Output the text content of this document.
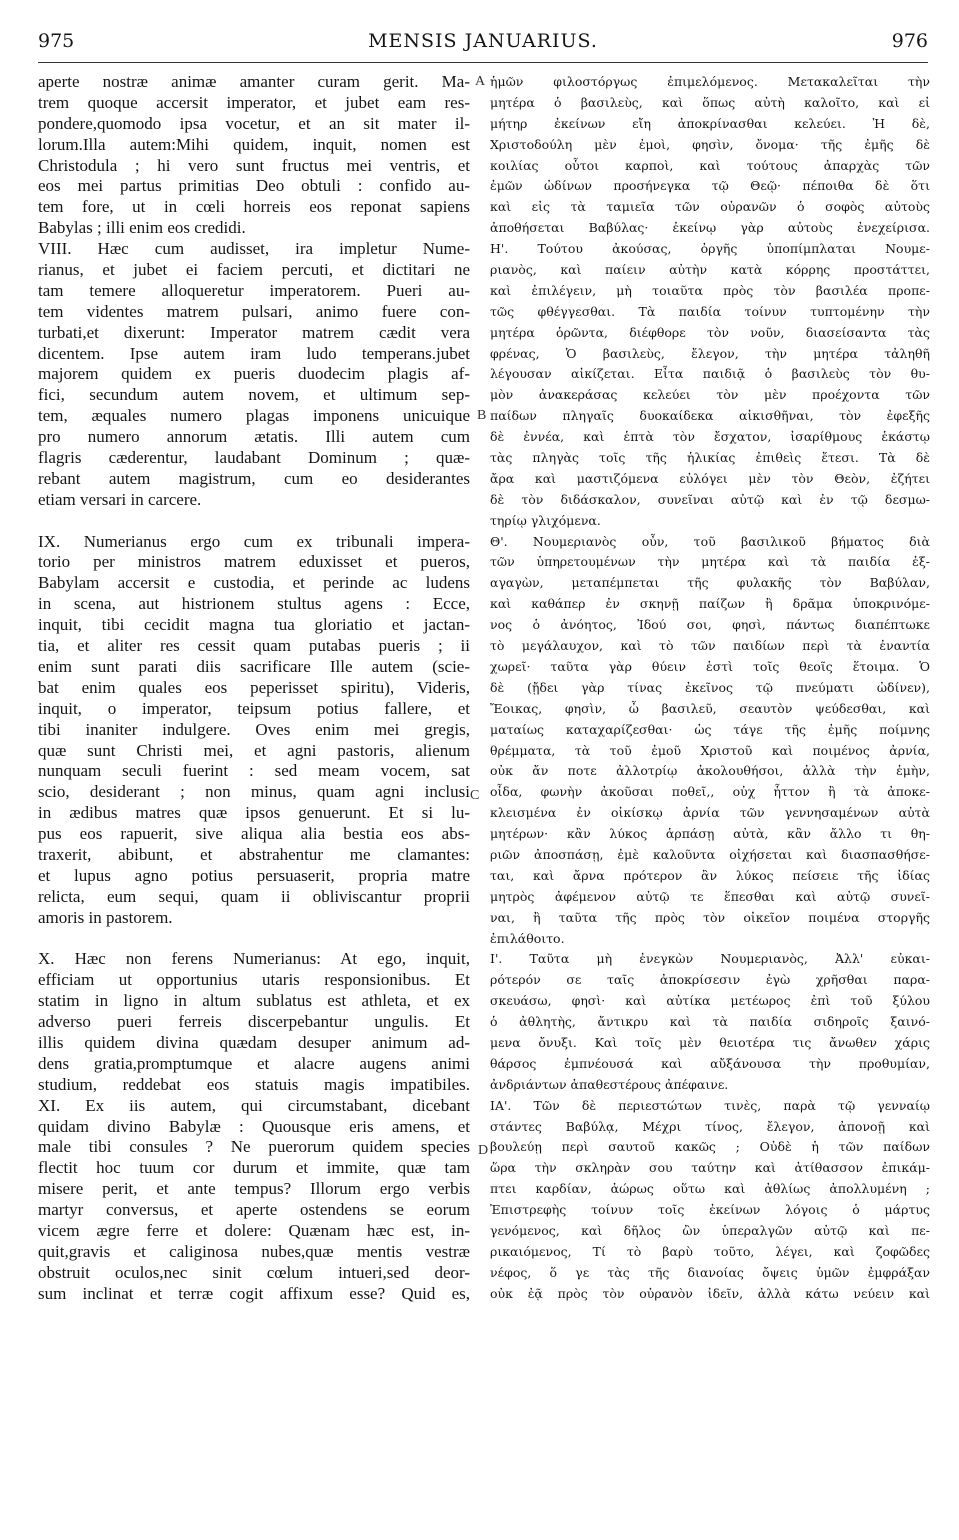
MENSIS JANUARIUS.
975	976
aperte nostræ animæ amanter curam gerit. Ma-
trem quoque accersit imperator, et jubet eam res-
pondere,quomodo ipsa vocetur, et an sit mater il-
lorum.Illa autem:Mihi quidem, inquit, nomen est
Christodula ; hi vero sunt fructus mei ventris, et
eos mei partus primitias Deo obtuli : confido au-
tem fore, ut in cœli horreis eos reponat sapiens
Babylas ; illi enim eos credidi.
VIII. Hæc cum audisset, ira impletur Nume-
rianus, et jubet ei faciem percuti, et dictitari ne
tam temere alloqueretur imperatorem. Pueri au-
tem videntes matrem pulsari, animo fuere con-
turbati,et dixerunt: Imperator matrem cædit vera
dicentem. Ipse autem iram ludo temperans.jubet
majorem quidem ex pueris duodecim plagis af-
fici, secundum autem novem, et ultimum sep-
tem, æquales numero plagas imponens unicuique
pro numero annorum ætatis. Illi autem cum
flagris cæderentur, laudabant Dominum ; quæ-
rebant autem magistrum, cum eo desiderantes
etiam versari in carcere.
IX. Numerianus ergo cum ex tribunali impera-
torio per ministros matrem eduxisset et pueros,
Babylam accersit e custodia, et perinde ac ludens
in scena, aut histrionem stultus agens : Ecce,
inquit, tibi cecidit magna tua gloriatio et jactan-
tia, et aliter res cessit quam putabas pueris ; ii
enim sunt parati diis sacrificare Ille autem (scie-
bat enim quales eos peperisset spiritu), Videris,
inquit, o imperator, teipsum potius fallere, et
tibi inaniter indulgere. Oves enim mei gregis,
quæ sunt Christi mei, et agni pastoris, alienum
nunquam seculi fuerint : sed meam vocem, sat
scio, desiderant ; non minus, quam agni inclusi
in ædibus matres quæ ipsos genuerunt. Et si lu-
pus eos rapuerit, sive aliqua alia bestia eos abs-
traxerit, abibunt, et abstrahentur me clamantes:
et lupus agno potius persuaserit, propria matre
relicta, eum sequi, quam ii obliviscantur proprii
amoris in pastorem.
X. Hæc non ferens Numerianus: At ego, inquit,
efficiam ut opportunius utaris responsionibus. Et
statim in ligno in altum sublatus est athleta, et ex
adverso pueri ferreis discerpebantur ungulis. Et
illis quidem divina quædam desuper animum ad-
dens gratia,promptumque et alacre augens animi
studium, reddebat eos statuis magis impatibiles.
XI. Ex iis autem, qui circumstabant, dicebant
quidam divino Babylæ : Quousque eris amens, et
male tibi consules ? Ne puerorum quidem species
flectit hoc tuum cor durum et immite, quæ tam
misere perit, et ante tempus? Illorum ergo verbis
martyr conversus, et aperte ostendens se eorum
vicem ægre ferre et dolere: Quænam hæc est, in-
quit,gravis et caliginosa nubes,quæ mentis vestræ
obstruit oculos,nec sinit cœlum intueri,sed deor-
sum inclinat et terræ cogit affixum esse? Quid es,
ἡμῶν φιλοστόργως ἐπιμελόμενος. Μετακαλεῖται τὴν
μητέρα ὁ βασιλεὺς, καὶ ὅπως αὐτὴ καλοῖτο, καὶ εἰ
μήτηρ ἐκείνων εἴη ἀποκρίνασθαι κελεύει. Ἡ δὲ,
Χριστοδούλη μὲν ἐμοὶ, φησὶν, ὄνομα· τῆς ἐμῆς δὲ
κοιλίας οὗτοι καρποὶ, καὶ τούτους ἀπαρχὰς τῶν
ἐμῶν ὠδίνων προσήνεγκα τῷ Θεῷ· πέποιθα δὲ ὅτι
καὶ εἰς τὰ ταμιεῖα τῶν οὐρανῶν ὁ σοφὸς αὐτοὺς
ἀποθήσεται Βαβύλας· ἐκείνῳ γὰρ αὐτοὺς ἐνεχείρισα.
Η'. Τούτου ἀκούσας, ὀργῆς ὑποπίμπλαται Νουμε-
ριανὸς, καὶ παίειν αὐτὴν κατὰ κόρρης προστάττει,
καὶ ἐπιλέγειν, μὴ τοιαῦτα πρὸς τὸν βασιλέα προπε-
τῶς φθέγγεσθαι. Τὰ παιδία τοίνυν τυπτομένην τὴν
μητέρα ὁρῶντα, διέφθορε τὸν νοῦν, διασείσαντα τὰς
φρένας, Ὁ βασιλεὺς, ἔλεγον, τὴν μητέρα τἀληθῆ
λέγουσαν αἰκίζεται. Εἶτα παιδιᾷ ὁ βασιλεὺς τὸν θυ-
μὸν ἀνακεράσας κελεύει τὸν μὲν προέχοντα τῶν
παίδων πληγαῖς δυοκαίδεκα αἰκισθῆναι, τὸν ἐφεξῆς
δὲ ἐννέα, καὶ ἑπτὰ τὸν ἔσχατον, ἰσαρίθμους ἑκάστῳ
τὰς πληγὰς τοῖς τῆς ἡλικίας ἐπιθεὶς ἔτεσι. Τὰ δὲ
ἄρα καὶ μαστιζόμενα εὐλόγει μὲν τὸν Θεὸν, ἐζήτει
δὲ τὸν διδάσκαλον, συνεῖναι αὐτῷ καὶ ἐν τῷ δεσμω-
τηρίῳ γλιχόμενα.
Θ'. Νουμεριανὸς οὖν, τοῦ βασιλικοῦ βήματος διὰ
τῶν ὑπηρετουμένων τὴν μητέρα καὶ τὰ παιδία ἐξ-
αγαγὼν, μεταπέμπεται τῆς φυλακῆς τὸν Βαβύλαν,
καὶ καθάπερ ἐν σκηνῇ παίζων ἢ δρᾶμα ὑποκρινόμε-
νος ὁ ἀνόητος, Ἰδού σοι, φησὶ, πάντως διαπέπτωκε
τὸ μεγάλαυχον, καὶ τὸ τῶν παιδίων περὶ τὰ ἐναντία
χωρεῖ· ταῦτα γὰρ θύειν ἑστὶ τοῖς θεοῖς ἕτοιμα. Ὁ
δὲ (ᾔδει γὰρ τίνας ἐκεῖνος τῷ πνεύματι ὠδίνεν),
Ἔοικας, φησὶν, ὦ βασιλεῦ, σεαυτὸν ψεύδεσθαι, καὶ
ματαίως καταχαρίζεσθαι· ὡς τάγε τῆς ἐμῆς ποίμνης
θρέμματα, τὰ τοῦ ἐμοῦ Χριστοῦ καὶ ποιμένος ἀρνία,
οὐκ ἄν ποτε ἀλλοτρίῳ ἀκολουθήσοι, ἀλλὰ τὴν ἐμὴν,
οἶδα, φωνὴν ἀκοῦσαι ποθεῖ,, οὐχ ἧττον ἢ τὰ ἀποκε-
κλεισμένα ἐν οἰκίσκῳ ἀρνία τῶν γεννησαμένων αὐτὰ
μητέρων· κἂν λύκος ἁρπάσῃ αὐτὰ, κἂν ἄλλο τι θη-
ριῶν ἀποσπάσῃ, ἐμὲ καλοῦντα οἰχήσεται καὶ διασπασθήσε-
ται, καὶ ἄρνα πρότερον ἂν λύκος πείσειε τῆς ἰδίας
μητρὸς ἀφέμενον αὐτῷ τε ἕπεσθαι καὶ αὐτῷ συνεῖ-
ναι, ἢ ταῦτα τῆς πρὸς τὸν οἰκεῖον ποιμένα στοργῆς
ἐπιλάθοιτο.
Ι'. Ταῦτα μὴ ἐνεγκὼν Νουμεριανὸς, Ἀλλ' εὐκαι-
ρότερόν σε ταῖς ἀποκρίσεσιν ἐγὼ χρῆσθαι παρα-
σκευάσω, φησὶ· καὶ αὐτίκα μετέωρος ἐπὶ τοῦ ξύλου
ὁ ἀθλητὴς, ἄντικρυ καὶ τὰ παιδία σιδηροῖς ξαινό-
μενα ὄνυξι. Καὶ τοῖς μὲν θειοτέρα τις ἄνωθεν χάρις
θάρσος ἐμπνέουσά καὶ αὔξάνουσα τὴν προθυμίαν,
ἀνδριάντων ἀπαθεστέρους ἀπέφαινε.
ΙΑ'. Τῶν δὲ περιεστώτων τινὲς, παρὰ τῷ γενναίῳ
στάντες Βαβύλᾳ, Μέχρι τίνος, ἔλεγον, ἀπονοῇ καὶ
βουλεύῃ περὶ σαυτοῦ κακῶς ; Οὐδὲ ἡ τῶν παίδων
ὥρα τὴν σκληρὰν σου ταύτην καὶ ἀτίθασσον ἐπικάμ-
πτει καρδίαν, ἀώρως οὕτω καὶ ἀθλίως ἀπολλυμένη ;
Ἐπιστρεφὴς τοίνυν τοῖς ἐκείνων λόγοις ὁ μάρτυς
γενόμενος, καὶ δῆλος ὢν ὑπεραλγῶν αὐτῷ καὶ πε-
ρικαιόμενος, Τί τὸ βαρὺ τοῦτο, λέγει, καὶ ζοφῶδες
νέφος, ὅ γε τὰς τῆς διανοίας ὄψεις ὑμῶν ἐμφράξαν
οὐκ ἐᾷ πρὸς τὸν οὐρανὸν ἰδεῖν, ἀλλὰ κάτω νεύειν καὶ
A
B
C
D
